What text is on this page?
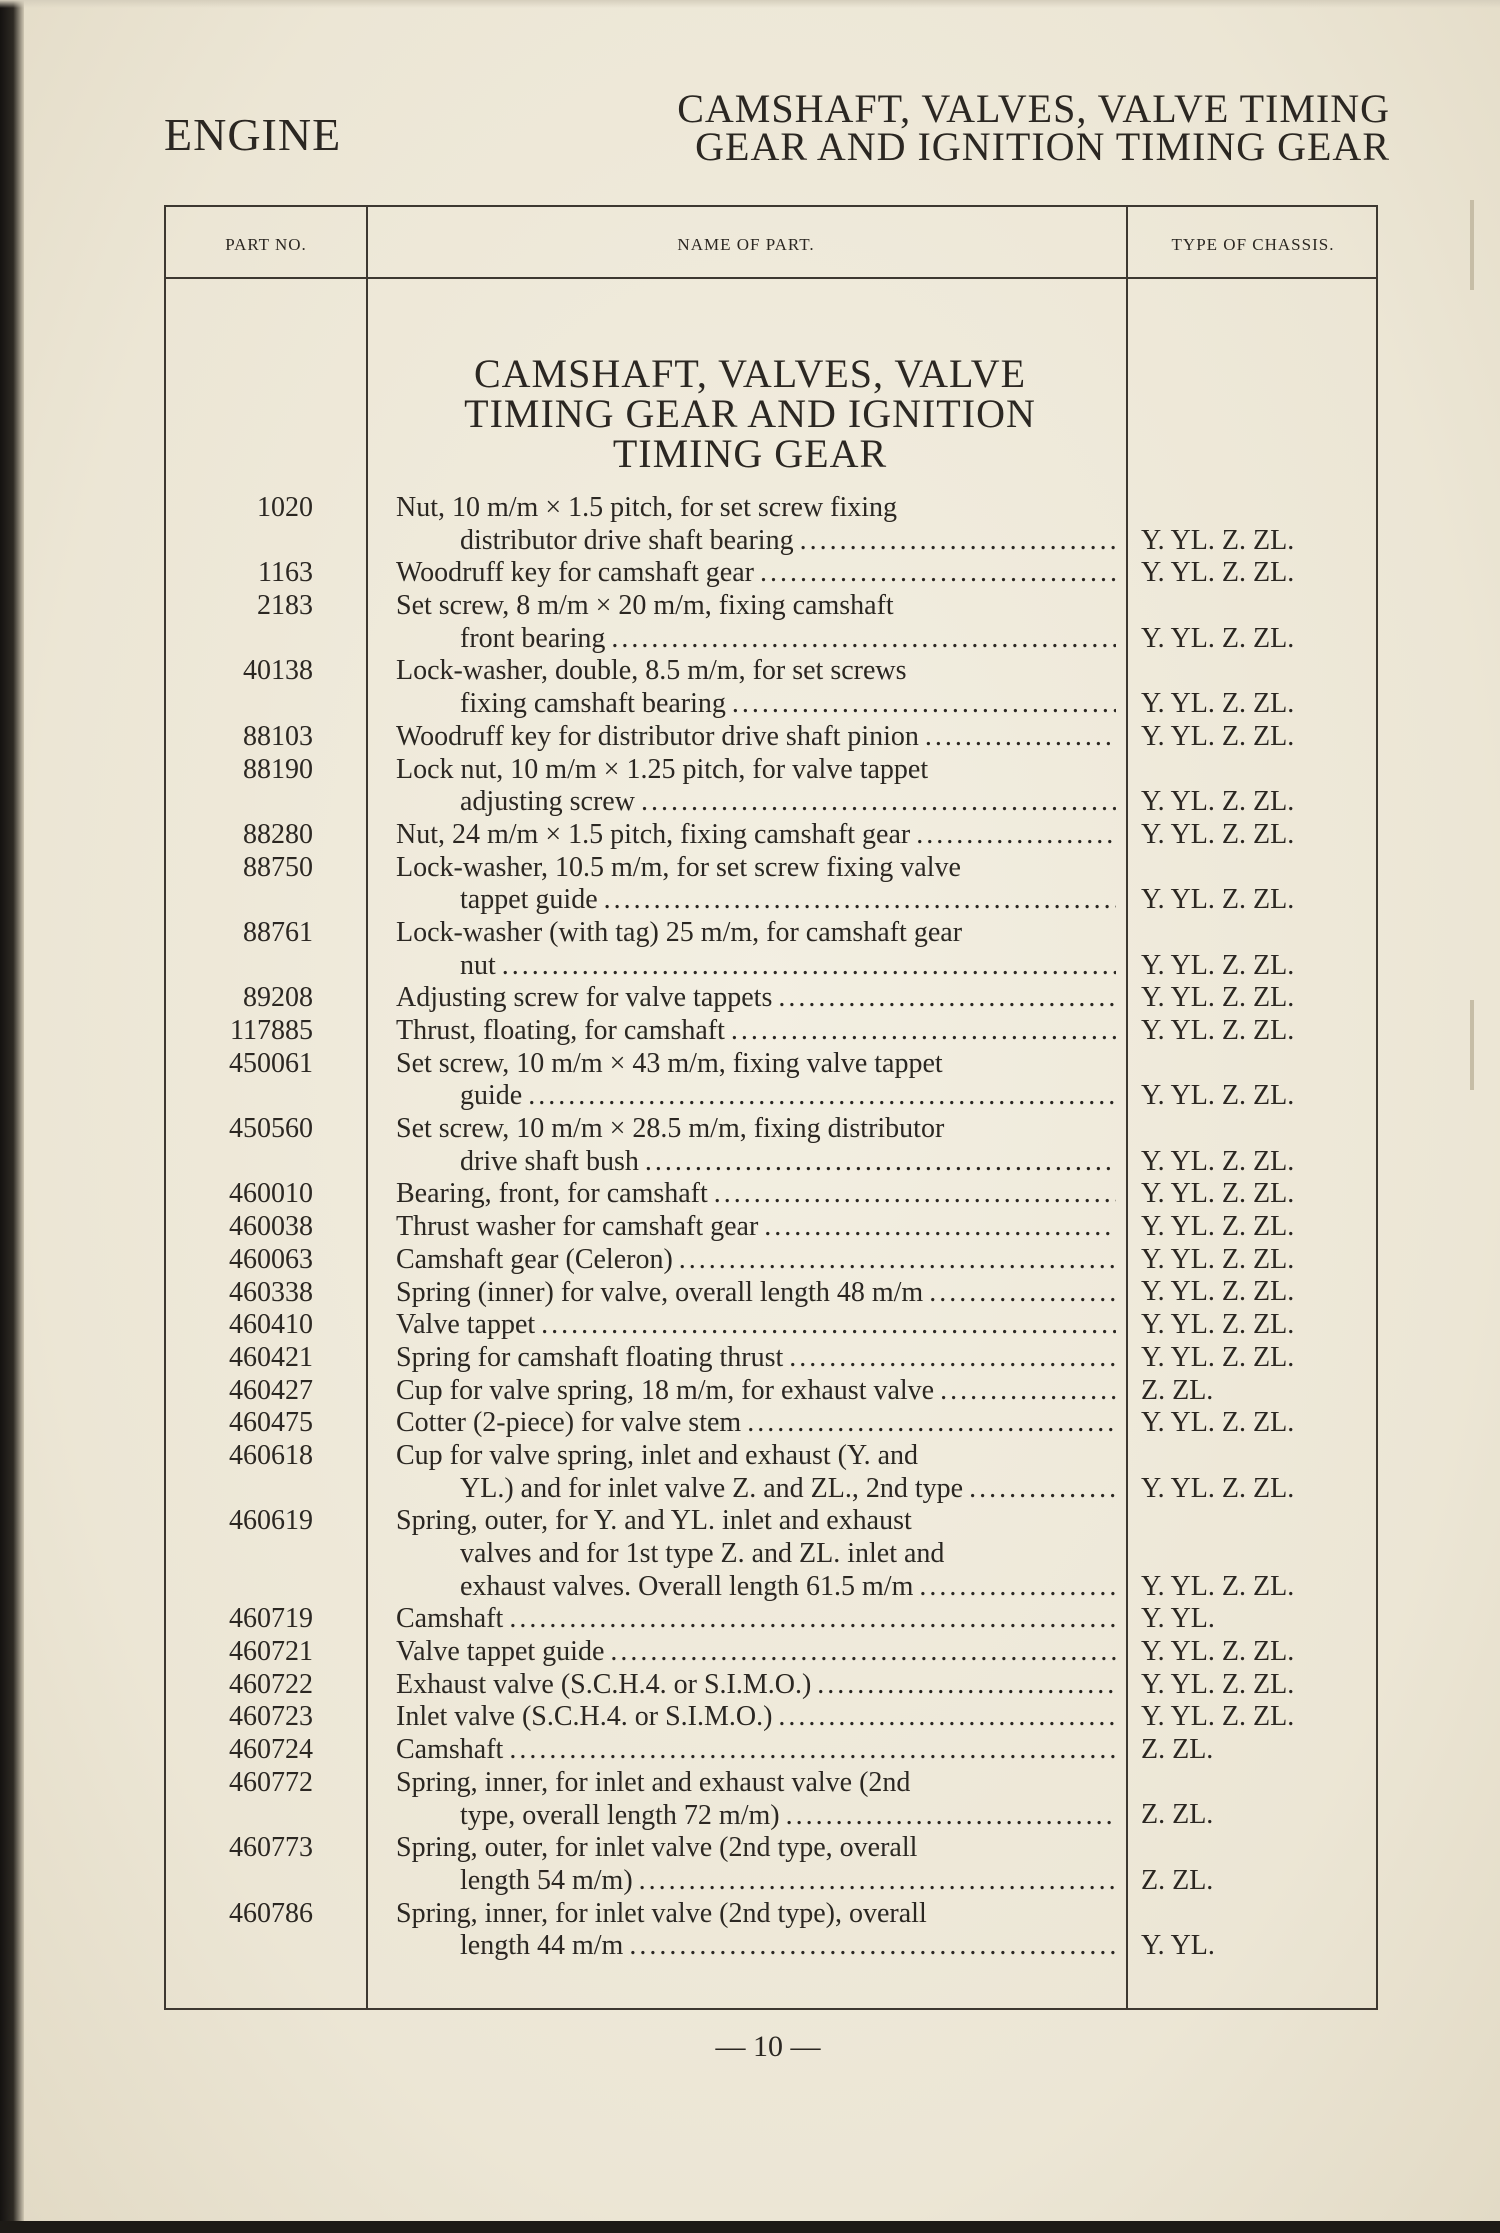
ENGINE
CAMSHAFT, VALVES, VALVE TIMING
GEAR AND IGNITION TIMING GEAR
PART NO.	NAME OF PART.	TYPE OF CHASSIS.
CAMSHAFT, VALVES, VALVE
TIMING GEAR AND IGNITION
TIMING GEAR
1020	Nut, 10 m/m × 1.5 pitch, for set screw fixing
distributor drive shaft bearing .....	Y. YL. Z. ZL.
1163	Woodruff key for camshaft gear .....	Y. YL. Z. ZL.
2183	Set screw, 8 m/m × 20 m/m, fixing camshaft
front bearing .....	Y. YL. Z. ZL.
40138	Lock-washer, double, 8.5 m/m, for set screws
fixing camshaft bearing .....	Y. YL. Z. ZL.
88103	Woodruff key for distributor drive shaft pinion .....	Y. YL. Z. ZL.
88190	Lock nut, 10 m/m × 1.25 pitch, for valve tappet
adjusting screw .....	Y. YL. Z. ZL.
88280	Nut, 24 m/m × 1.5 pitch, fixing camshaft gear .....	Y. YL. Z. ZL.
88750	Lock-washer, 10.5 m/m, for set screw fixing valve
tappet guide .....	Y. YL. Z. ZL.
88761	Lock-washer (with tag) 25 m/m, for camshaft gear
nut .....	Y. YL. Z. ZL.
89208	Adjusting screw for valve tappets .....	Y. YL. Z. ZL.
117885	Thrust, floating, for camshaft .....	Y. YL. Z. ZL.
450061	Set screw, 10 m/m × 43 m/m, fixing valve tappet
guide .....	Y. YL. Z. ZL.
450560	Set screw, 10 m/m × 28.5 m/m, fixing distributor
drive shaft bush .....	Y. YL. Z. ZL.
460010	Bearing, front, for camshaft .....	Y. YL. Z. ZL.
460038	Thrust washer for camshaft gear .....	Y. YL. Z. ZL.
460063	Camshaft gear (Celeron) .....	Y. YL. Z. ZL.
460338	Spring (inner) for valve, overall length 48 m/m .....	Y. YL. Z. ZL.
460410	Valve tappet .....	Y. YL. Z. ZL.
460421	Spring for camshaft floating thrust .....	Y. YL. Z. ZL.
460427	Cup for valve spring, 18 m/m, for exhaust valve .....	Z. ZL.
460475	Cotter (2-piece) for valve stem .....	Y. YL. Z. ZL.
460618	Cup for valve spring, inlet and exhaust (Y. and
YL.) and for inlet valve Z. and ZL., 2nd type .....	Y. YL. Z. ZL.
460619	Spring, outer, for Y. and YL. inlet and exhaust
valves and for 1st type Z. and ZL. inlet and
exhaust valves. Overall length 61.5 m/m .....	Y. YL. Z. ZL.
460719	Camshaft .....	Y. YL.
460721	Valve tappet guide .....	Y. YL. Z. ZL.
460722	Exhaust valve (S.C.H.4. or S.I.M.O.) .....	Y. YL. Z. ZL.
460723	Inlet valve (S.C.H.4. or S.I.M.O.) .....	Y. YL. Z. ZL.
460724	Camshaft .....	Z. ZL.
460772	Spring, inner, for inlet and exhaust valve (2nd
type, overall length 72 m/m) .....	Z. ZL.
460773	Spring, outer, for inlet valve (2nd type, overall
length 54 m/m) .....	Z. ZL.
460786	Spring, inner, for inlet valve (2nd type), overall
length 44 m/m .....	Y. YL.
— 10 —
